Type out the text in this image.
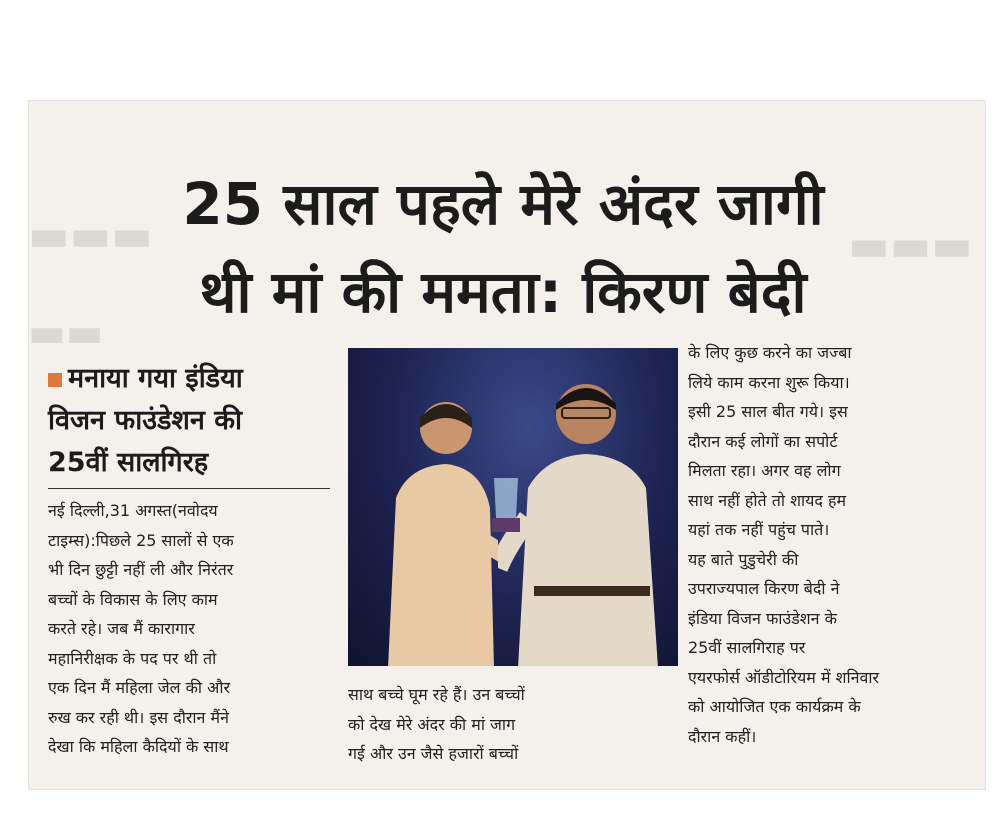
▬▬▬	▬▬▬
▬▬
25 साल पहले मेरे अंदर जागी
थी मां की ममता: किरण बेदी
मनाया गया इंडिया
विजन फाउंडेशन की
25वीं सालगिरह
नई दिल्ली,31 अगस्त(नवोदय
टाइम्स):पिछले 25 सालों से एक
भी दिन छुट्टी नहीं ली और निरंतर
बच्चों के विकास के लिए काम
करते रहे। जब मैं कारागार
महानिरीक्षक के पद पर थी तो
एक दिन मैं महिला जेल की और
रुख कर रही थी। इस दौरान मैंने
देखा कि महिला कैदियों के साथ
साथ बच्चे घूम रहे हैं। उन बच्चों
को देख मेरे अंदर की मां जाग
गई और उन जैसे हजारों बच्चों
के लिए कुछ करने का जज्बा
लिये काम करना शुरू किया।
इसी 25 साल बीत गये। इस
दौरान कई लोगों का सपोर्ट
मिलता रहा। अगर वह लोग
साथ नहीं होते तो शायद हम
यहां तक नहीं पहुंच पाते।
यह बाते पुडुचेरी की
उपराज्यपाल किरण बेदी ने
इंडिया विजन फाउंडेशन के
25वीं सालगिराह पर
एयरफोर्स ऑडीटोरियम में शनिवार
को आयोजित एक कार्यक्रम के
दौरान कहीं।
